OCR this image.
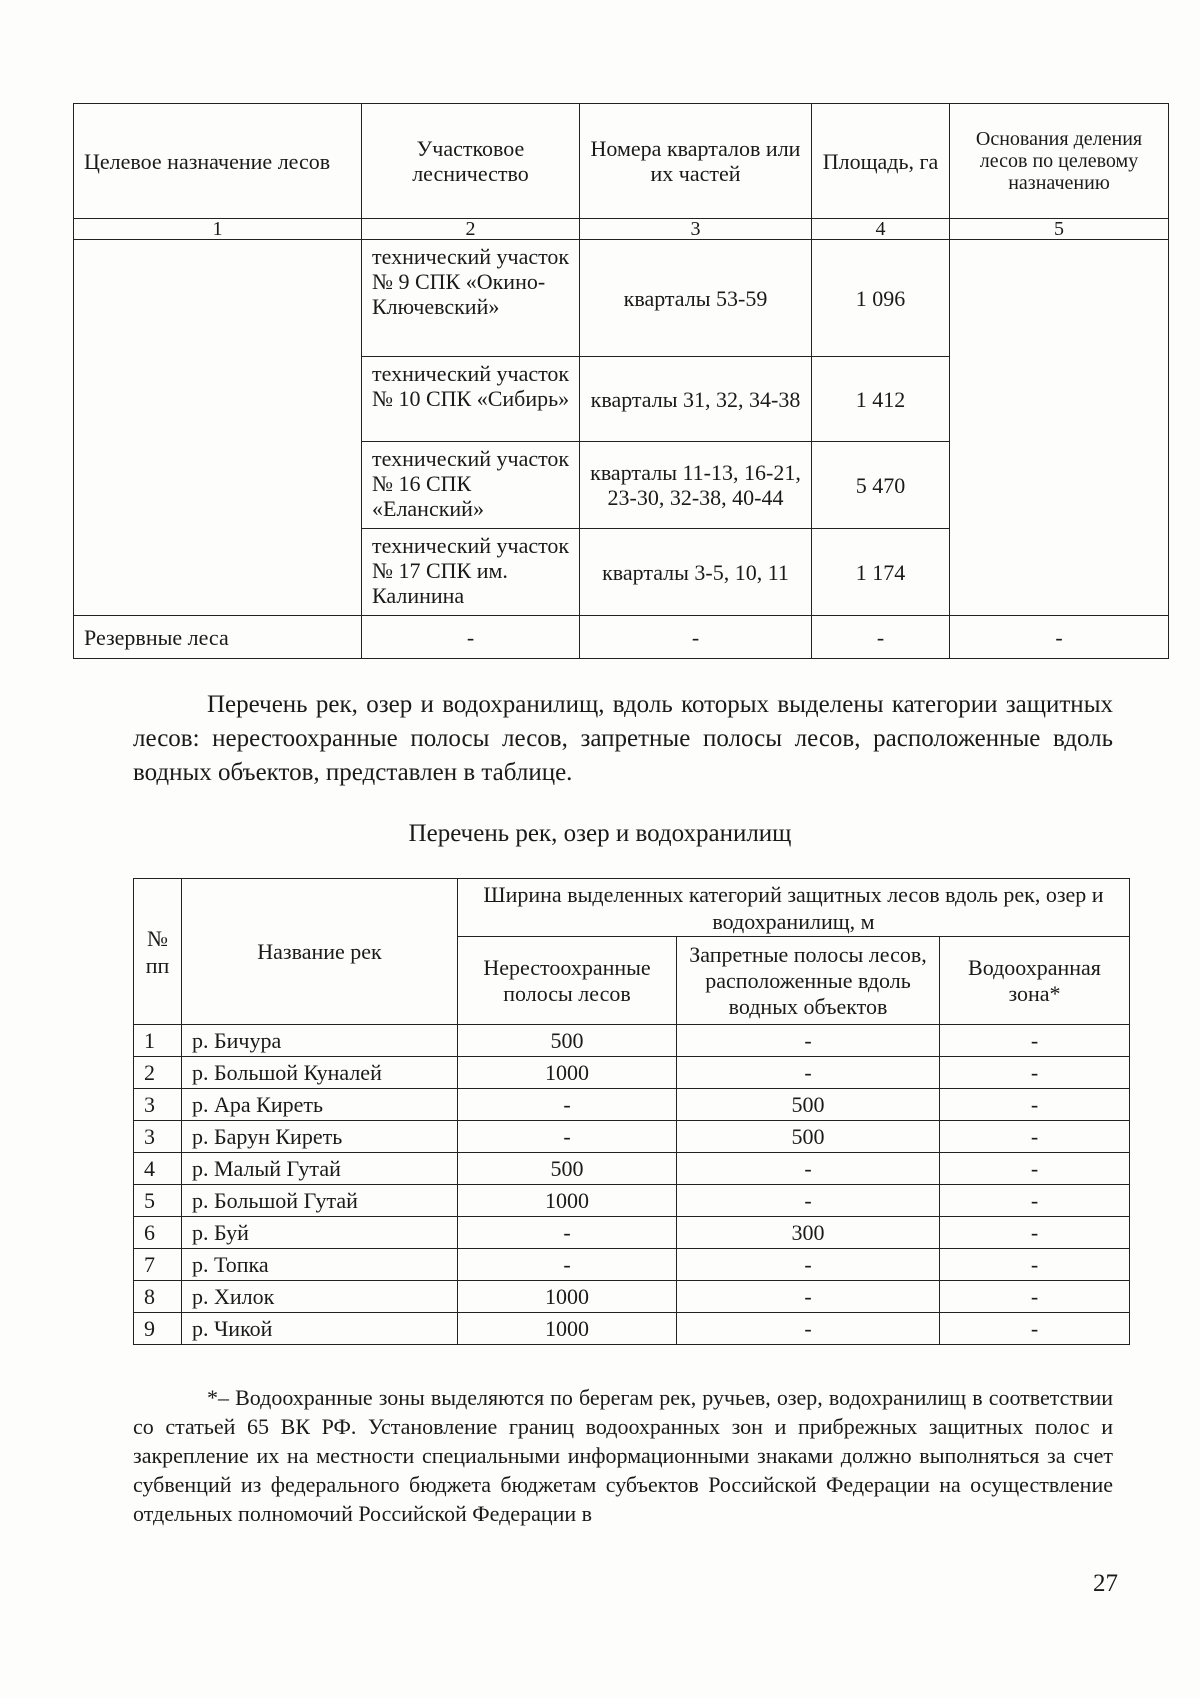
Целевое назначение лесов	Участковое лесничество	Номера кварталов или их частей	Площадь, га	Основания деления лесов по целевому назначению
1	2	3	4	5
	технический участок № 9 СПК «Окино-Ключевский»	кварталы 53-59	1 096	
	технический участок № 10 СПК «Сибирь»	кварталы 31, 32, 34-38	1 412	
	технический участок № 16 СПК «Еланский»	кварталы 11-13, 16-21, 23-30, 32-38, 40-44	5 470	
	технический участок № 17 СПК им. Калинина	кварталы 3-5, 10, 11	1 174	
Резервные леса	-	-	-	-

Перечень рек, озер и водохранилищ, вдоль которых выделены категории защитных лесов: нерестоохранные полосы лесов, запретные полосы лесов, расположенные вдоль водных объектов, представлен в таблице.

Перечень рек, озер и водохранилищ

№ пп	Название рек	Ширина выделенных категорий защитных лесов вдоль рек, озер и водохранилищ, м		
		Нерестоохранные полосы лесов	Запретные полосы лесов, расположенные вдоль водных объектов	Водоохранная зона*
1	р. Бичура	500	-	-
2	р. Большой Куналей	1000	-	-
3	р. Ара Киреть	-	500	-
3	р. Барун Киреть	-	500	-
4	р. Малый Гутай	500	-	-
5	р. Большой Гутай	1000	-	-
6	р. Буй	-	300	-
7	р. Топка	-	-	-
8	р. Хилок	1000	-	-
9	р. Чикой	1000	-	-

*– Водоохранные зоны выделяются по берегам рек, ручьев, озер, водохранилищ в соответствии со статьей 65 ВК РФ. Установление границ водоохранных зон и прибрежных защитных полос и закрепление их на местности специальными информационными знаками должно выполняться за счет субвенций из федерального бюджета бюджетам субъектов Российской Федерации на осуществление отдельных полномочий Российской Федерации в

27
